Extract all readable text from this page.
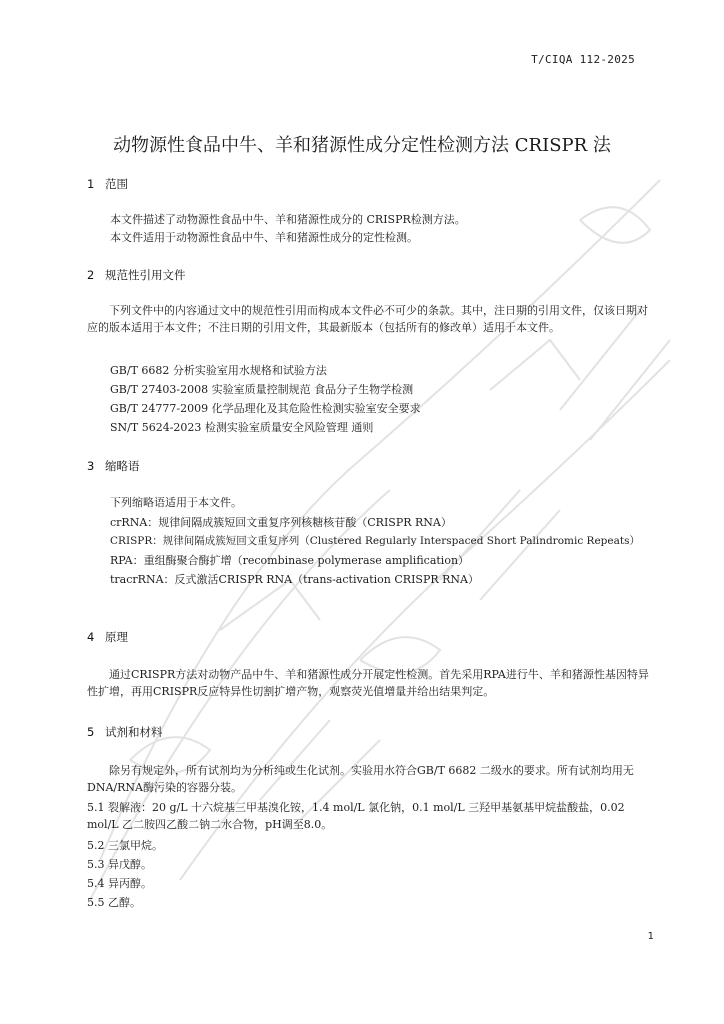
T/CIQA 112-2025
动物源性食品中牛、羊和猪源性成分定性检测方法 CRISPR 法
1 范围

本文件描述了动物源性食品中牛、羊和猪源性成分的 CRISPR检测方法。

本文件适用于动物源性食品中牛、羊和猪源性成分的定性检测。

2 规范性引用文件

下列文件中的内容通过文中的规范性引用而构成本文件必不可少的条款。其中，注日期的引用文件，仅该日期对应的版本适用于本文件；不注日期的引用文件，其最新版本（包括所有的修改单）适用于本文件。

GB/T 6682 分析实验室用水规格和试验方法

GB/T 27403-2008 实验室质量控制规范 食品分子生物学检测

GB/T 24777-2009 化学品理化及其危险性检测实验室安全要求

SN/T 5624-2023 检测实验室质量安全风险管理 通则

3 缩略语

下列缩略语适用于本文件。

crRNA：规律间隔成簇短回文重复序列核糖核苷酸（CRISPR RNA）

CRISPR：规律间隔成簇短回文重复序列（Clustered Regularly Interspaced Short Palindromic Repeats）

RPA：重组酶聚合酶扩增（recombinase polymerase amplification）

tracrRNA：反式激活CRISPR RNA（trans-activation CRISPR RNA）

4 原理

通过CRISPR方法对动物产品中牛、羊和猪源性成分开展定性检测。首先采用RPA进行牛、羊和猪源性基因特异性扩增，再用CRISPR反应特异性切割扩增产物，观察荧光值增量并给出结果判定。

5 试剂和材料

除另有规定外，所有试剂均为分析纯或生化试剂。实验用水符合GB/T 6682 二级水的要求。所有试剂均用无DNA/RNA酶污染的容器分装。

5.1 裂解液：20 g/L 十六烷基三甲基溴化铵，1.4 mol/L 氯化钠，0.1 mol/L 三羟甲基氨基甲烷盐酸盐，0.02 mol/L 乙二胺四乙酸二钠二水合物，pH调至8.0。
5.2 三氯甲烷。
5.3 异戊醇。
5.4 异丙醇。
5.5 乙醇。
1
